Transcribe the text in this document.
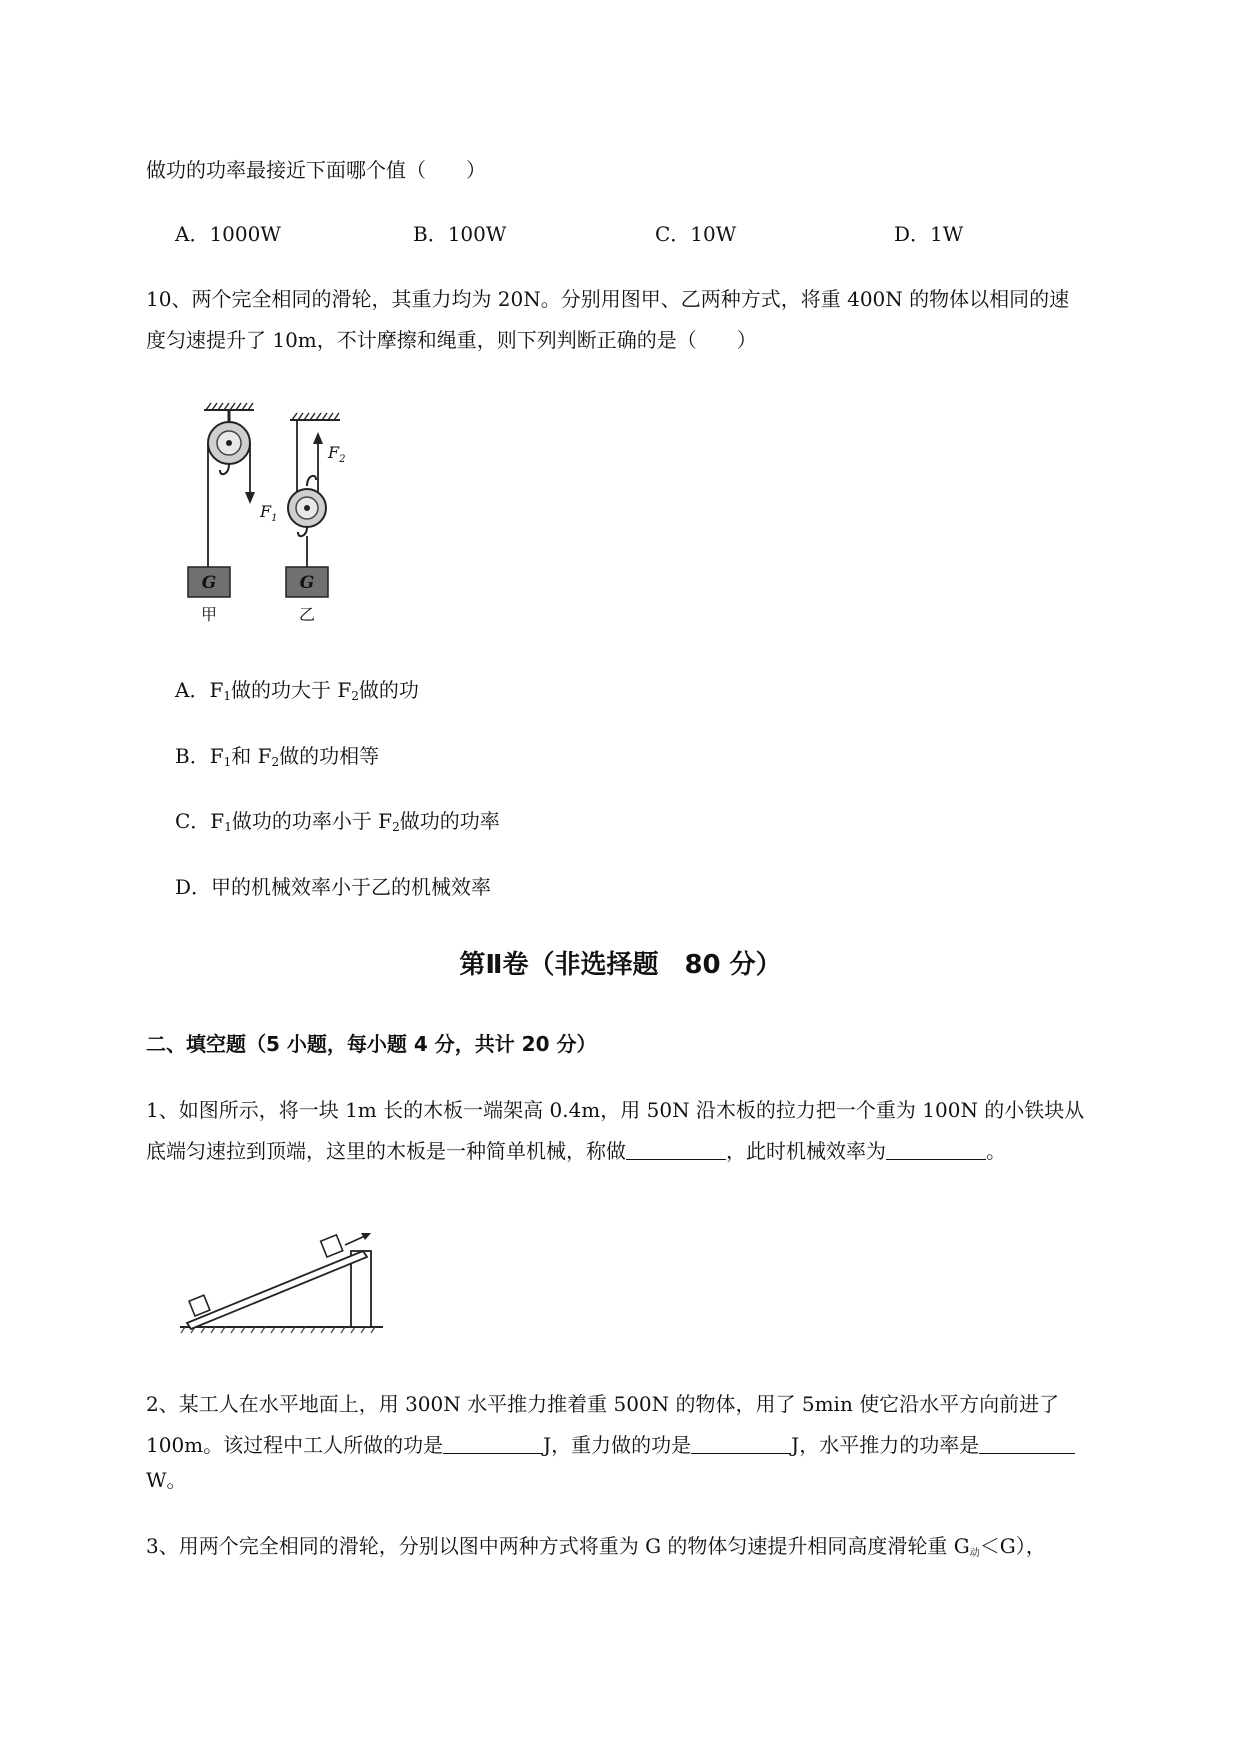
做功的功率最接近下面哪个值（　　）
A．1000W	B．100W	C．10W	D．1W
10、两个完全相同的滑轮，其重力均为 20N。分别用图甲、乙两种方式，将重 400N 的物体以相同的速
度匀速提升了 10m，不计摩擦和绳重，则下列判断正确的是（　　）
G
甲
$F_1$
G
乙
$F_2$
A．$F_1$做的功大于 $F_2$做的功
B．$F_1$和 $F_2$做的功相等
C．$F_1$做功的功率小于 $F_2$做功的功率
D．甲的机械效率小于乙的机械效率
第Ⅱ卷（非选择题　80 分）
二、填空题（5 小题，每小题 4 分，共计 20 分）
1、如图所示，将一块 1m 长的木板一端架高 0.4m，用 50N 沿木板的拉力把一个重为 100N 的小铁块从
底端匀速拉到顶端，这里的木板是一种简单机械，称做	，此时机械效率为	。
2、某工人在水平地面上，用 300N 水平推力推着重 500N 的物体，用了 5min 使它沿水平方向前进了
100m。该过程中工人所做的功是	J，重力做的功是	J，水平推力的功率是
W。
3、用两个完全相同的滑轮，分别以图中两种方式将重为 G 的物体匀速提升相同高度滑轮重 $G_动<G$），
